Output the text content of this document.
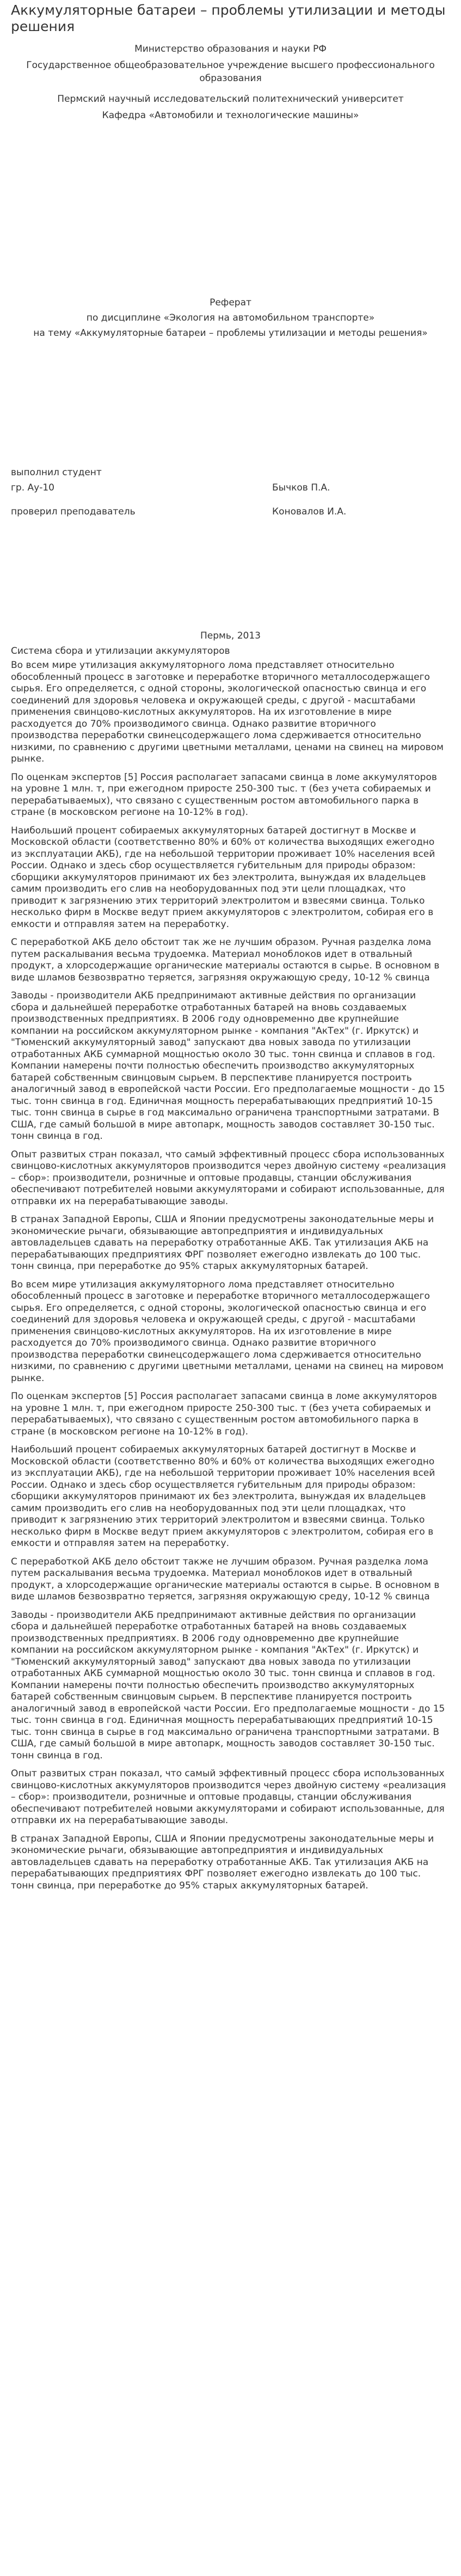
Аккумуляторные батареи – проблемы утилизации и методы решения
Министерство образования и науки РФ
Государственное общеобразовательное учреждение высшего профессионального образования
Пермский научный исследовательский политехнический университет
Кафедра «Автомобили и технологические машины»
Реферат
по дисциплине «Экология на автомобильном транспорте»
на тему «Аккумуляторные батареи – проблемы утилизации и методы решения»
выполнил студент
гр. Ау-10	Бычков П.А.
проверил преподаватель	Коновалов И.А.
Пермь, 2013
Система сбора и утилизации аккумуляторов

Во всем мире утилизация аккумуляторного лома представляет относительно обособленный процесс в заготовке и переработке вторичного металлосодержащего сырья. Его определяется, с одной стороны, экологической опасностью свинца и его соединений для здоровья человека и окружающей среды, с другой - масштабами применения свинцово-кислотных аккумуляторов. На их изготовление в мире расходуется до 70% производимого свинца. Однако развитие вторичного производства переработки свинецсодержащего лома сдерживается относительно низкими, по сравнению с другими цветными металлами, ценами на свинец на мировом рынке.

По оценкам экспертов [5] Россия располагает запасами свинца в ломе аккумуляторов на уровне 1 млн. т, при ежегодном приросте 250-300 тыс. т (без учета собираемых и перерабатываемых), что связано с существенным ростом автомобильного парка в стране (в московском регионе на 10-12% в год).

Наибольший процент собираемых аккумуляторных батарей достигнут в Москве и Московской области (соответственно 80% и 60% от количества выходящих ежегодно из эксплуатации АКБ), где на небольшой территории проживает 10% населения всей России. Однако и здесь сбор осуществляется губительным для природы образом: сборщики аккумуляторов принимают их без электролита, вынуждая их владельцев самим производить его слив на необорудованных под эти цели площадках, что приводит к загрязнению этих территорий электролитом и взвесями свинца. Только несколько фирм в Москве ведут прием аккумуляторов с электролитом, собирая его в емкости и отправляя затем на переработку.

С переработкой АКБ дело обстоит так же не лучшим образом. Ручная разделка лома путем раскалывания весьма трудоемка. Материал моноблоков идет в отвальный продукт, а хлорсодержащие органические материалы остаются в сырье. В основном в виде шламов безвозвратно теряется, загрязняя окружающую среду, 10-12 % свинца

Заводы - производители АКБ предпринимают активные действия по организации сбора и дальнейшей переработке отработанных батарей на вновь создаваемых производственных предприятиях. В 2006 году одновременно две крупнейшие компании на российском аккумуляторном рынке - компания "АкТех" (г. Иркутск) и "Тюменский аккумуляторный завод" запускают два новых завода по утилизации отработанных АКБ суммарной мощностью около 30 тыс. тонн свинца и сплавов в год. Компании намерены почти полностью обеспечить производство аккумуляторных батарей собственным свинцовым сырьем. В перспективе планируется построить аналогичный завод в европейской части России. Его предполагаемые мощности - до 15 тыс. тонн свинца в год. Единичная мощность перерабатывающих предприятий 10-15 тыс. тонн свинца в сырье в год максимально ограничена транспортными затратами. В США, где самый большой в мире автопарк, мощность заводов составляет 30-150 тыс. тонн свинца в год.

Опыт развитых стран показал, что самый эффективный процесс сбора использованных свинцово-кислотных аккумуляторов производится через двойную систему «реализация – сбор»: производители, розничные и оптовые продавцы, станции обслуживания обеспечивают потребителей новыми аккумуляторами и собирают использованные, для отправки их на перерабатывающие заводы.

В странах Западной Европы, США и Японии предусмотрены законодательные меры и экономические рычаги, обязывающие автопредприятия и индивидуальных автовладельцев сдавать на переработку отработанные АКБ. Так утилизация АКБ на перерабатывающих предприятиях ФРГ позволяет ежегодно извлекать до 100 тыс. тонн свинца, при переработке до 95% старых аккумуляторных батарей.

Во всем мире утилизация аккумуляторного лома представляет относительно обособленный процесс в заготовке и переработке вторичного металлосодержащего сырья. Его определяется, с одной стороны, экологической опасностью свинца и его соединений для здоровья человека и окружающей среды, с другой - масштабами применения свинцово-кислотных аккумуляторов. На их изготовление в мире расходуется до 70% производимого свинца. Однако развитие вторичного производства переработки свинецсодержащего лома сдерживается относительно низкими, по сравнению с другими цветными металлами, ценами на свинец на мировом рынке.

По оценкам экспертов [5] Россия располагает запасами свинца в ломе аккумуляторов на уровне 1 млн. т, при ежегодном приросте 250-300 тыс. т (без учета собираемых и перерабатываемых), что связано с существенным ростом автомобильного парка в стране (в московском регионе на 10-12% в год).

Наибольший процент собираемых аккумуляторных батарей достигнут в Москве и Московской области (соответственно 80% и 60% от количества выходящих ежегодно из эксплуатации АКБ), где на небольшой территории проживает 10% населения всей России. Однако и здесь сбор осуществляется губительным для природы образом: сборщики аккумуляторов принимают их без электролита, вынуждая их владельцев самим производить его слив на необорудованных под эти цели площадках, что приводит к загрязнению этих территорий электролитом и взвесями свинца. Только несколько фирм в Москве ведут прием аккумуляторов с электролитом, собирая его в емкости и отправляя затем на переработку.

С переработкой АКБ дело обстоит также не лучшим образом. Ручная разделка лома путем раскалывания весьма трудоемка. Материал моноблоков идет в отвальный продукт, а хлорсодержащие органические материалы остаются в сырье. В основном в виде шламов безвозвратно теряется, загрязняя окружающую среду, 10-12 % свинца

Заводы - производители АКБ предпринимают активные действия по организации сбора и дальнейшей переработке отработанных батарей на вновь создаваемых производственных предприятиях. В 2006 году одновременно две крупнейшие компании на российском аккумуляторном рынке - компания "АкТех" (г. Иркутск) и "Тюменский аккумуляторный завод" запускают два новых завода по утилизации отработанных АКБ суммарной мощностью около 30 тыс. тонн свинца и сплавов в год. Компании намерены почти полностью обеспечить производство аккумуляторных батарей собственным свинцовым сырьем. В перспективе планируется построить аналогичный завод в европейской части России. Его предполагаемые мощности - до 15 тыс. тонн свинца в год. Единичная мощность перерабатывающих предприятий 10-15 тыс. тонн свинца в сырье в год максимально ограничена транспортными затратами. В США, где самый большой в мире автопарк, мощность заводов составляет 30-150 тыс. тонн свинца в год.

Опыт развитых стран показал, что самый эффективный процесс сбора использованных свинцово-кислотных аккумуляторов производится через двойную систему «реализация – сбор»: производители, розничные и оптовые продавцы, станции обслуживания обеспечивают потребителей новыми аккумуляторами и собирают использованные, для отправки их на перерабатывающие заводы.

В странах Западной Европы, США и Японии предусмотрены законодательные меры и экономические рычаги, обязывающие автопредприятия и индивидуальных автовладельцев сдавать на переработку отработанные АКБ. Так утилизация АКБ на перерабатывающих предприятиях ФРГ позволяет ежегодно извлекать до 100 тыс. тонн свинца, при переработке до 95% старых аккумуляторных батарей.
